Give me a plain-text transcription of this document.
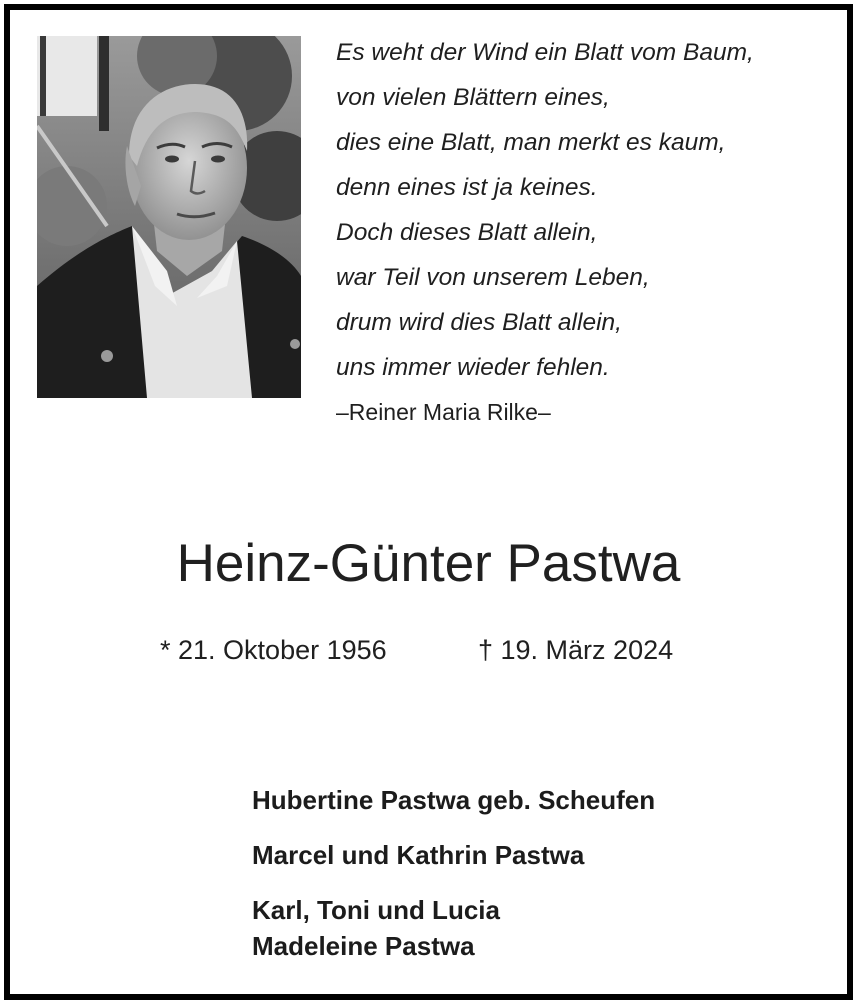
Es weht der Wind ein Blatt vom Baum,
von vielen Blättern eines,
dies eine Blatt, man merkt es kaum,
denn eines ist ja keines.
Doch dieses Blatt allein,
war Teil von unserem Leben,
drum wird dies Blatt allein,
uns immer wieder fehlen.
–Reiner Maria Rilke–
Heinz-Günter Pastwa
* 21. Oktober 1956	† 19. März 2024
Hubertine Pastwa geb. Scheufen
Marcel und Kathrin Pastwa
Karl, Toni und Lucia
Madeleine Pastwa
